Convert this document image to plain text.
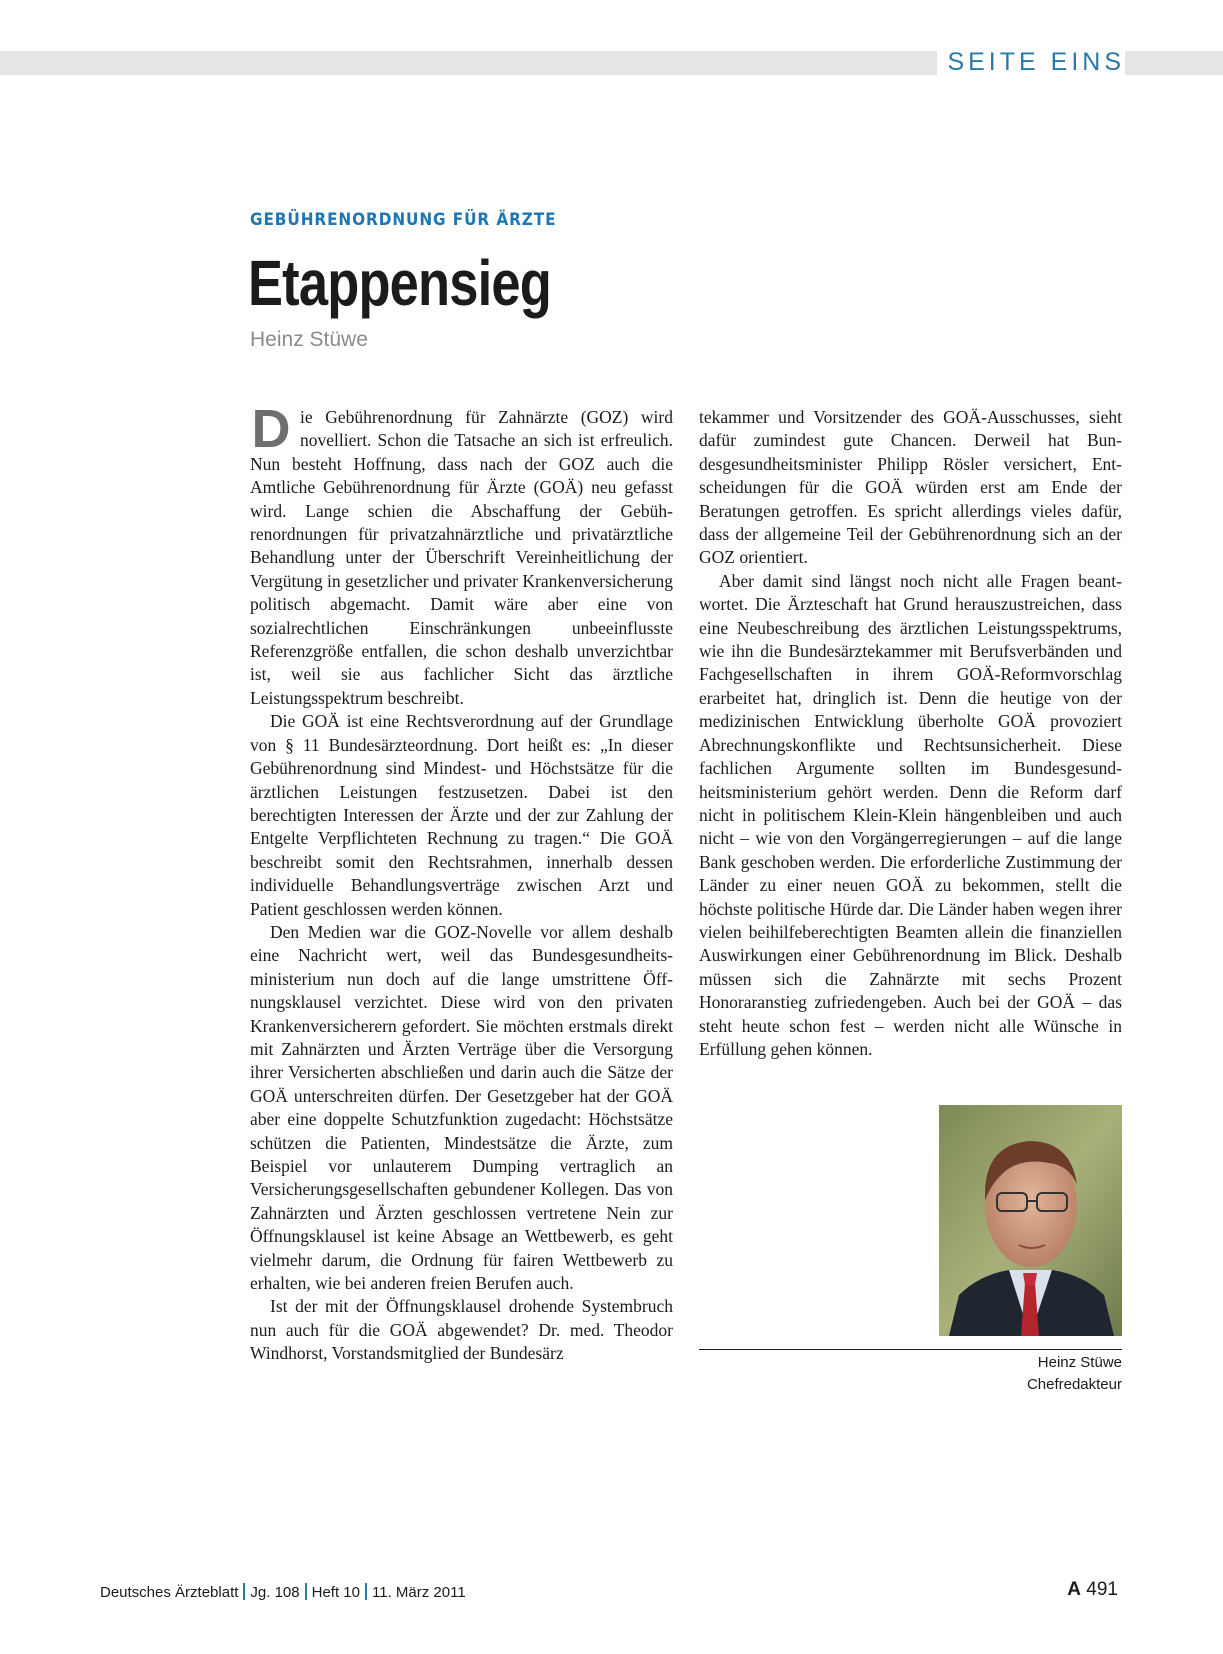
SEITE EINS
GEBÜHRENORDNUNG FÜR ÄRZTE
Etappensieg
Heinz Stüwe

Die Gebührenordnung für Zahnärzte (GOZ) wird novelliert. Schon die Tatsache an sich ist erfreulich. Nun besteht Hoffnung, dass nach der GOZ auch die Amtliche Gebührenordnung für Ärzte (GOÄ) neu gefasst wird. Lange schien die Abschaffung der Gebührenordnungen für privatzahnärztliche und privatärztliche Behandlung unter der Überschrift Vereinheitlichung der Vergütung in gesetzlicher und privater Krankenversicherung politisch abgemacht. Damit wäre aber eine von sozialrechtlichen Einschränkungen unbeeinflusste Referenzgröße entfallen, die schon deshalb unverzichtbar ist, weil sie aus fachlicher Sicht das ärztliche Leistungsspektrum beschreibt.

Die GOÄ ist eine Rechtsverordnung auf der Grundlage von § 11 Bundesärzteordnung. Dort heißt es: „In dieser Gebührenordnung sind Mindest- und Höchstsätze für die ärztlichen Leistungen festzusetzen. Dabei ist den berechtigten Interessen der Ärzte und der zur Zahlung der Entgelte Verpflichteten Rechnung zu tragen.“ Die GOÄ beschreibt somit den Rechtsrahmen, innerhalb dessen individuelle Behandlungsverträge zwischen Arzt und Patient geschlossen werden können.

Den Medien war die GOZ-Novelle vor allem deshalb eine Nachricht wert, weil das Bundesgesundheitsministerium nun doch auf die lange umstrittene Öffnungsklausel verzichtet. Diese wird von den privaten Krankenversicherern gefordert. Sie möchten erstmals direkt mit Zahnärzten und Ärzten Verträge über die Versorgung ihrer Versicherten abschließen und darin auch die Sätze der GOÄ unterschreiten dürfen. Der Gesetzgeber hat der GOÄ aber eine doppelte Schutzfunktion zugedacht: Höchstsätze schützen die Patienten, Mindestsätze die Ärzte, zum Beispiel vor unlauterem Dumping vertraglich an Versicherungsgesellschaften gebundener Kollegen. Das von Zahnärzten und Ärzten geschlossen vertretene Nein zur Öffnungsklausel ist keine Absage an Wettbewerb, es geht vielmehr darum, die Ordnung für fairen Wettbewerb zu erhalten, wie bei anderen freien Berufen auch.

Ist der mit der Öffnungsklausel drohende Systembruch nun auch für die GOÄ abgewendet? Dr. med. Theodor Windhorst, Vorstandsmitglied der Bundesärz

tekammer und Vorsitzender des GOÄ-Ausschusses, sieht dafür zumindest gute Chancen. Derweil hat Bundesgesundheitsminister Philipp Rösler versichert, Entscheidungen für die GOÄ würden erst am Ende der Beratungen getroffen. Es spricht allerdings vieles dafür, dass der allgemeine Teil der Gebührenordnung sich an der GOZ orientiert.

Aber damit sind längst noch nicht alle Fragen beantwortet. Die Ärzteschaft hat Grund herauszustreichen, dass eine Neubeschreibung des ärztlichen Leistungsspektrums, wie ihn die Bundesärztekammer mit Berufsverbänden und Fachgesellschaften in ihrem GOÄ-Reformvorschlag erarbeitet hat, dringlich ist. Denn die heutige von der medizinischen Entwicklung überholte GOÄ provoziert Abrechnungskonflikte und Rechtsunsicherheit. Diese fachlichen Argumente sollten im Bundesgesundheitsministerium gehört werden. Denn die Reform darf nicht in politischem Klein-Klein hängenbleiben und auch nicht – wie von den Vorgängerregierungen – auf die lange Bank geschoben werden. Die erforderliche Zustimmung der Länder zu einer neuen GOÄ zu bekommen, stellt die höchste politische Hürde dar. Die Länder haben wegen ihrer vielen beihilfeberechtigten Beamten allein die finanziellen Auswirkungen einer Gebührenordnung im Blick. Deshalb müssen sich die Zahnärzte mit sechs Prozent Honoraranstieg zufriedengeben. Auch bei der GOÄ – das steht heute schon fest – werden nicht alle Wünsche in Erfüllung gehen können.

Heinz Stüwe
Chefredakteur
Deutsches Ärzteblatt Jg. 108 Heft 10 11. März 2011	A 491
